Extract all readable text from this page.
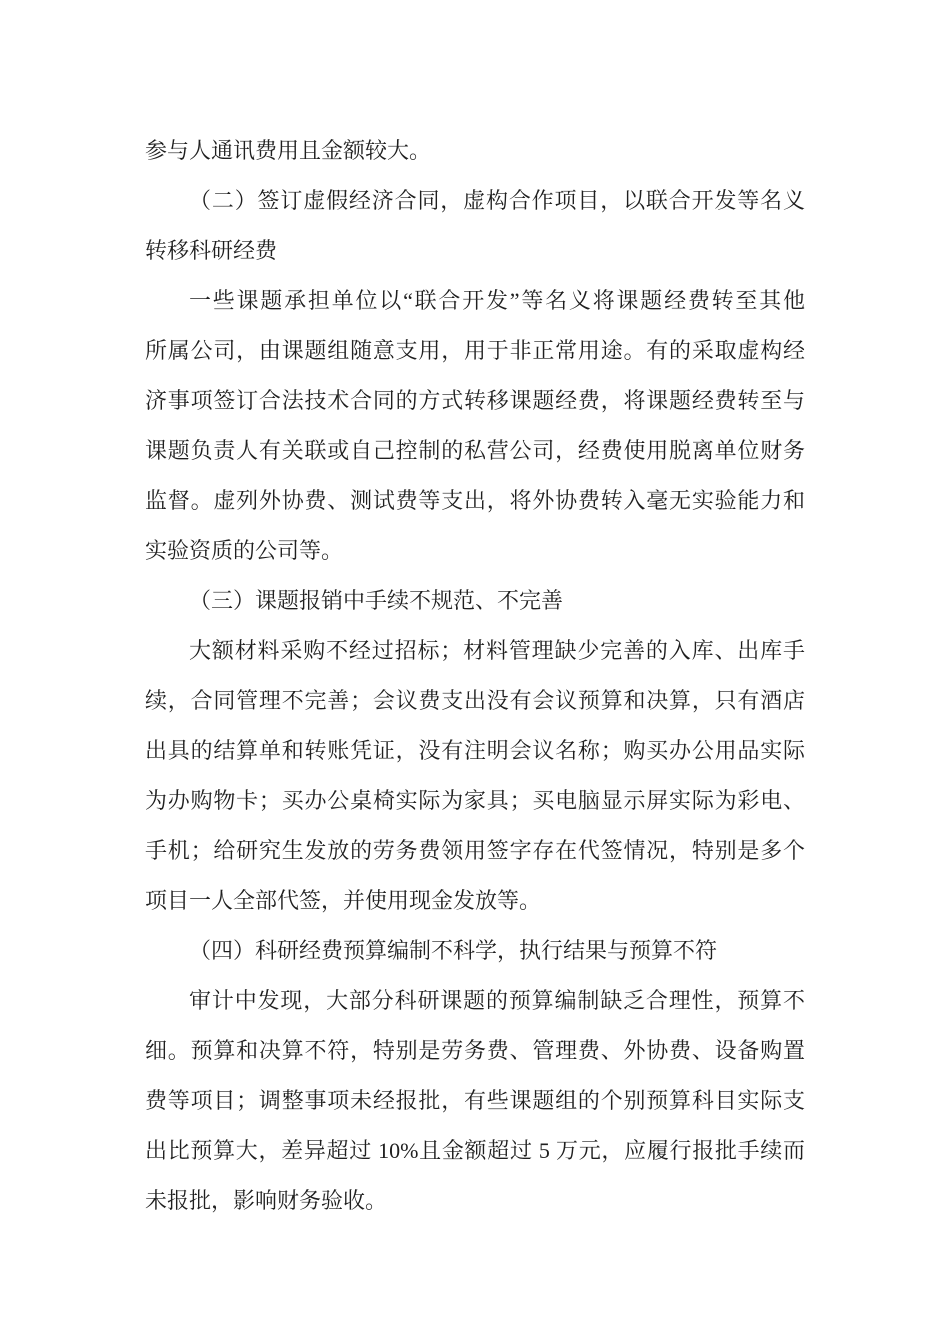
参与人通讯费用且金额较大。

（二）签订虚假经济合同，虚构合作项目，以联合开发等名义

转移科研经费

一些课题承担单位以“联合开发”等名义将课题经费转至其他

所属公司，由课题组随意支用，用于非正常用途。有的采取虚构经

济事项签订合法技术合同的方式转移课题经费，将课题经费转至与

课题负责人有关联或自己控制的私营公司，经费使用脱离单位财务

监督。虚列外协费、测试费等支出，将外协费转入毫无实验能力和

实验资质的公司等。

（三）课题报销中手续不规范、不完善

大额材料采购不经过招标；材料管理缺少完善的入库、出库手

续，合同管理不完善；会议费支出没有会议预算和决算，只有酒店

出具的结算单和转账凭证，没有注明会议名称；购买办公用品实际

为办购物卡；买办公桌椅实际为家具；买电脑显示屏实际为彩电、

手机；给研究生发放的劳务费领用签字存在代签情况，特别是多个

项目一人全部代签，并使用现金发放等。

（四）科研经费预算编制不科学，执行结果与预算不符

审计中发现，大部分科研课题的预算编制缺乏合理性，预算不

细。预算和决算不符，特别是劳务费、管理费、外协费、设备购置

费等项目；调整事项未经报批，有些课题组的个别预算科目实际支

出比预算大，差异超过 10%且金额超过 5 万元，应履行报批手续而

未报批，影响财务验收。
